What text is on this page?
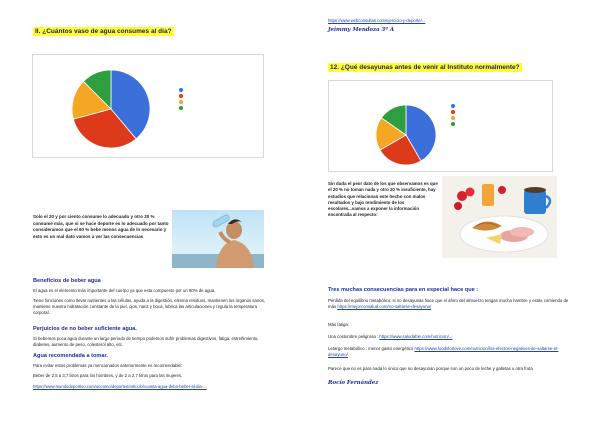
II. ¿Cuántos vaso de agua consumes al día?
Solo el 20 y por ciento consume lo adecuado y otro 20 % consume más, que si se hace deporte es lo adecuado por tanto consideramos que el 60 % bebe menos agua de lo necesario y esto es un mal dato vamos a ver las consecuencias
Beneficios de beber agua
El agua es el elemento más importante del cuerpo ya que esta compuesto por un 80% de agua.
Tiene funciones como llevar nutrientes a las células, ayuda a la digestión, elimina residuos, mantienen los órganos sanos, mantiene nuestra hidratación constante de la piel, ojos, nariz y boca, lubrica las articulaciones y regula la temperatura corporal.
Perjuicios de no beber suficiente agua.
Si bebemos poca agua durante un largo periodo de tiempo podemos sufrir problemas digestivos, fatiga, estreñimiento, diabetes, aumento de peso, colesterol alto, etc.
Agua recomendada a tomar.
Para evitar estos problemas ya mencionados anteriormente es recomendable:
Beber de 2,5 a 3,7 litros para los hombres, y de 2 a 2,7 litros para las mujeres.
https://www.mundodeportivo.com/uncomo/deportes/articulo/cuanta-agua-debo-beber-al-dia-...
https://www.webconsultas.com/ejercicio-y-deporte/...
Jeimmy Mendoza 3º A
12. ¿Qué desayunas antes de venir al Instituto normalmente?
Sin duda el peor dato de los que observamos es que el 20 % no toman nada y otro 20 % insuficiente, hay estudios que relacionan este hecho con malos resultados y bajo rendimiento de los escolares...vamos a exponer la información encontrada al respecto:
Tres muchas consecuencias para en especial hace que :
Pérdida del equilibrio metabólico: si no desayunas hace que el aforo del almuerzo tengas mucha hambre y estás comiendo de más https://mejorconsalud.com/no-saltarse-desayuno/
Más fatiga:
Una costumbre peligrosa : https://www.saludable.com/nutricion/...
Letargo metabólico : menor gasto energético https://www.foodsforlove.com/nutricion/los-efectos-negativos-de-saltarse-el-desayuno/
Parece que no es para nada lo único que no desayunan porque son un poco de leche y galletas u otra fruta
Rocío Fernández
